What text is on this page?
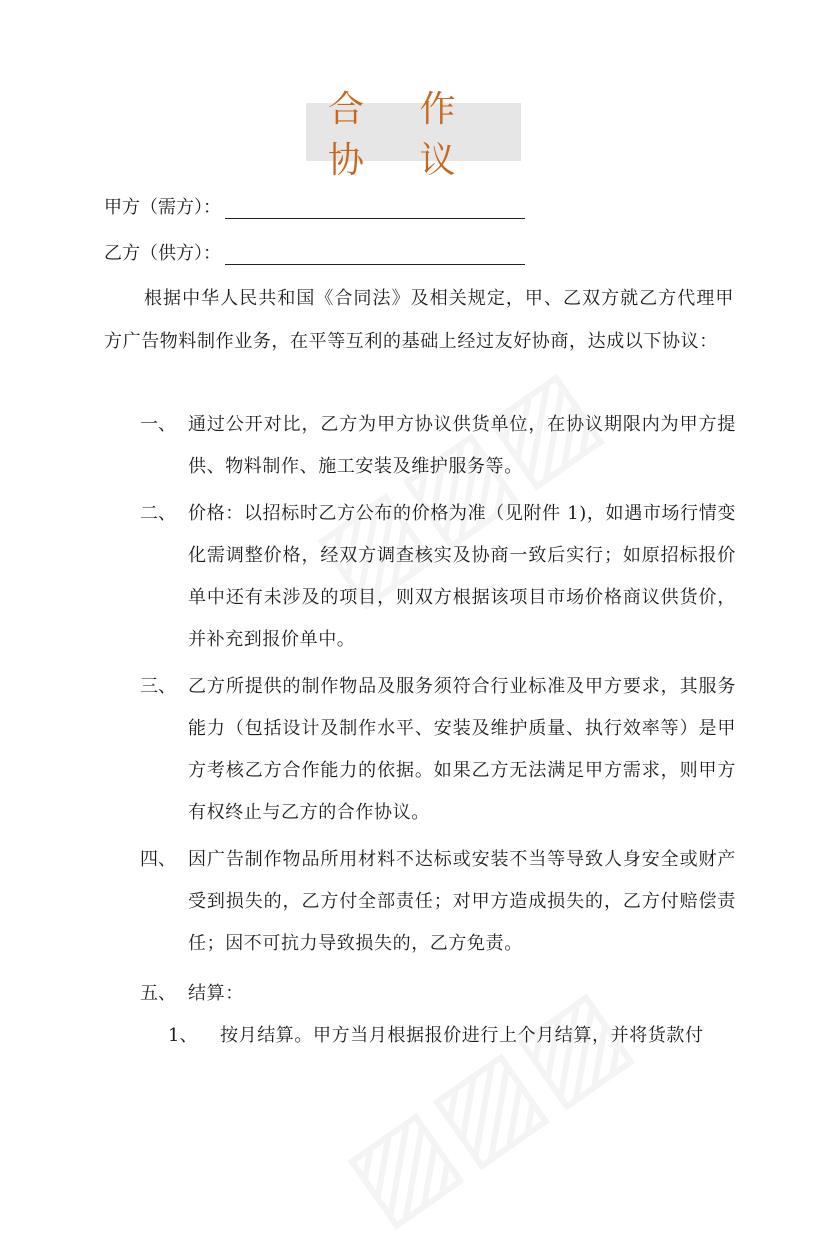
合 作 协 议
甲方（需方）：
乙方（供方）：
根据中华人民共和国《合同法》及相关规定，甲、乙双方就乙方代理甲方广告物料制作业务，在平等互利的基础上经过友好协商，达成以下协议：
一、 通过公开对比，乙方为甲方协议供货单位，在协议期限内为甲方提供、物料制作、施工安装及维护服务等。
二、 价格：以招标时乙方公布的价格为准（见附件 1)，如遇市场行情变化需调整价格，经双方调查核实及协商一致后实行；如原招标报价单中还有未涉及的项目，则双方根据该项目市场价格商议供货价，并补充到报价单中。
三、 乙方所提供的制作物品及服务须符合行业标准及甲方要求，其服务能力（包括设计及制作水平、安装及维护质量、执行效率等）是甲方考核乙方合作能力的依据。如果乙方无法满足甲方需求，则甲方有权终止与乙方的合作协议。
四、 因广告制作物品所用材料不达标或安装不当等导致人身安全或财产受到损失的，乙方付全部责任；对甲方造成损失的，乙方付赔偿责任；因不可抗力导致损失的，乙方免责。
五、 结算：
1、	按月结算。甲方当月根据报价进行上个月结算，并将货款付
